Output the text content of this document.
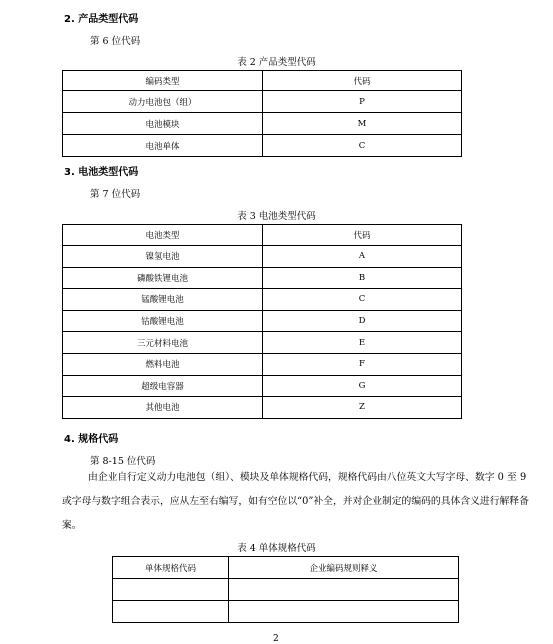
2. 产品类型代码
第 6 位代码
表 2 产品类型代码
编码类型	代码
动力电池包（组）	P
电池模块	M
电池单体	C
3. 电池类型代码
第 7 位代码
表 3 电池类型代码
电池类型	代码
镍氢电池	A
磷酸铁锂电池	B
锰酸锂电池	C
钴酸锂电池	D
三元材料电池	E
燃料电池	F
超级电容器	G
其他电池	Z
4. 规格代码
第 8-15 位代码
由企业自行定义动力电池包（组）、模块及单体规格代码，规格代码由八位英文大写字母、数字 0 至 9 或字母与数字组合表示，应从左至右编写，如有空位以“0”补全，并对企业制定的编码的具体含义进行解释备案。
表 4 单体规格代码
单体规格代码	企业编码规则释义

2
